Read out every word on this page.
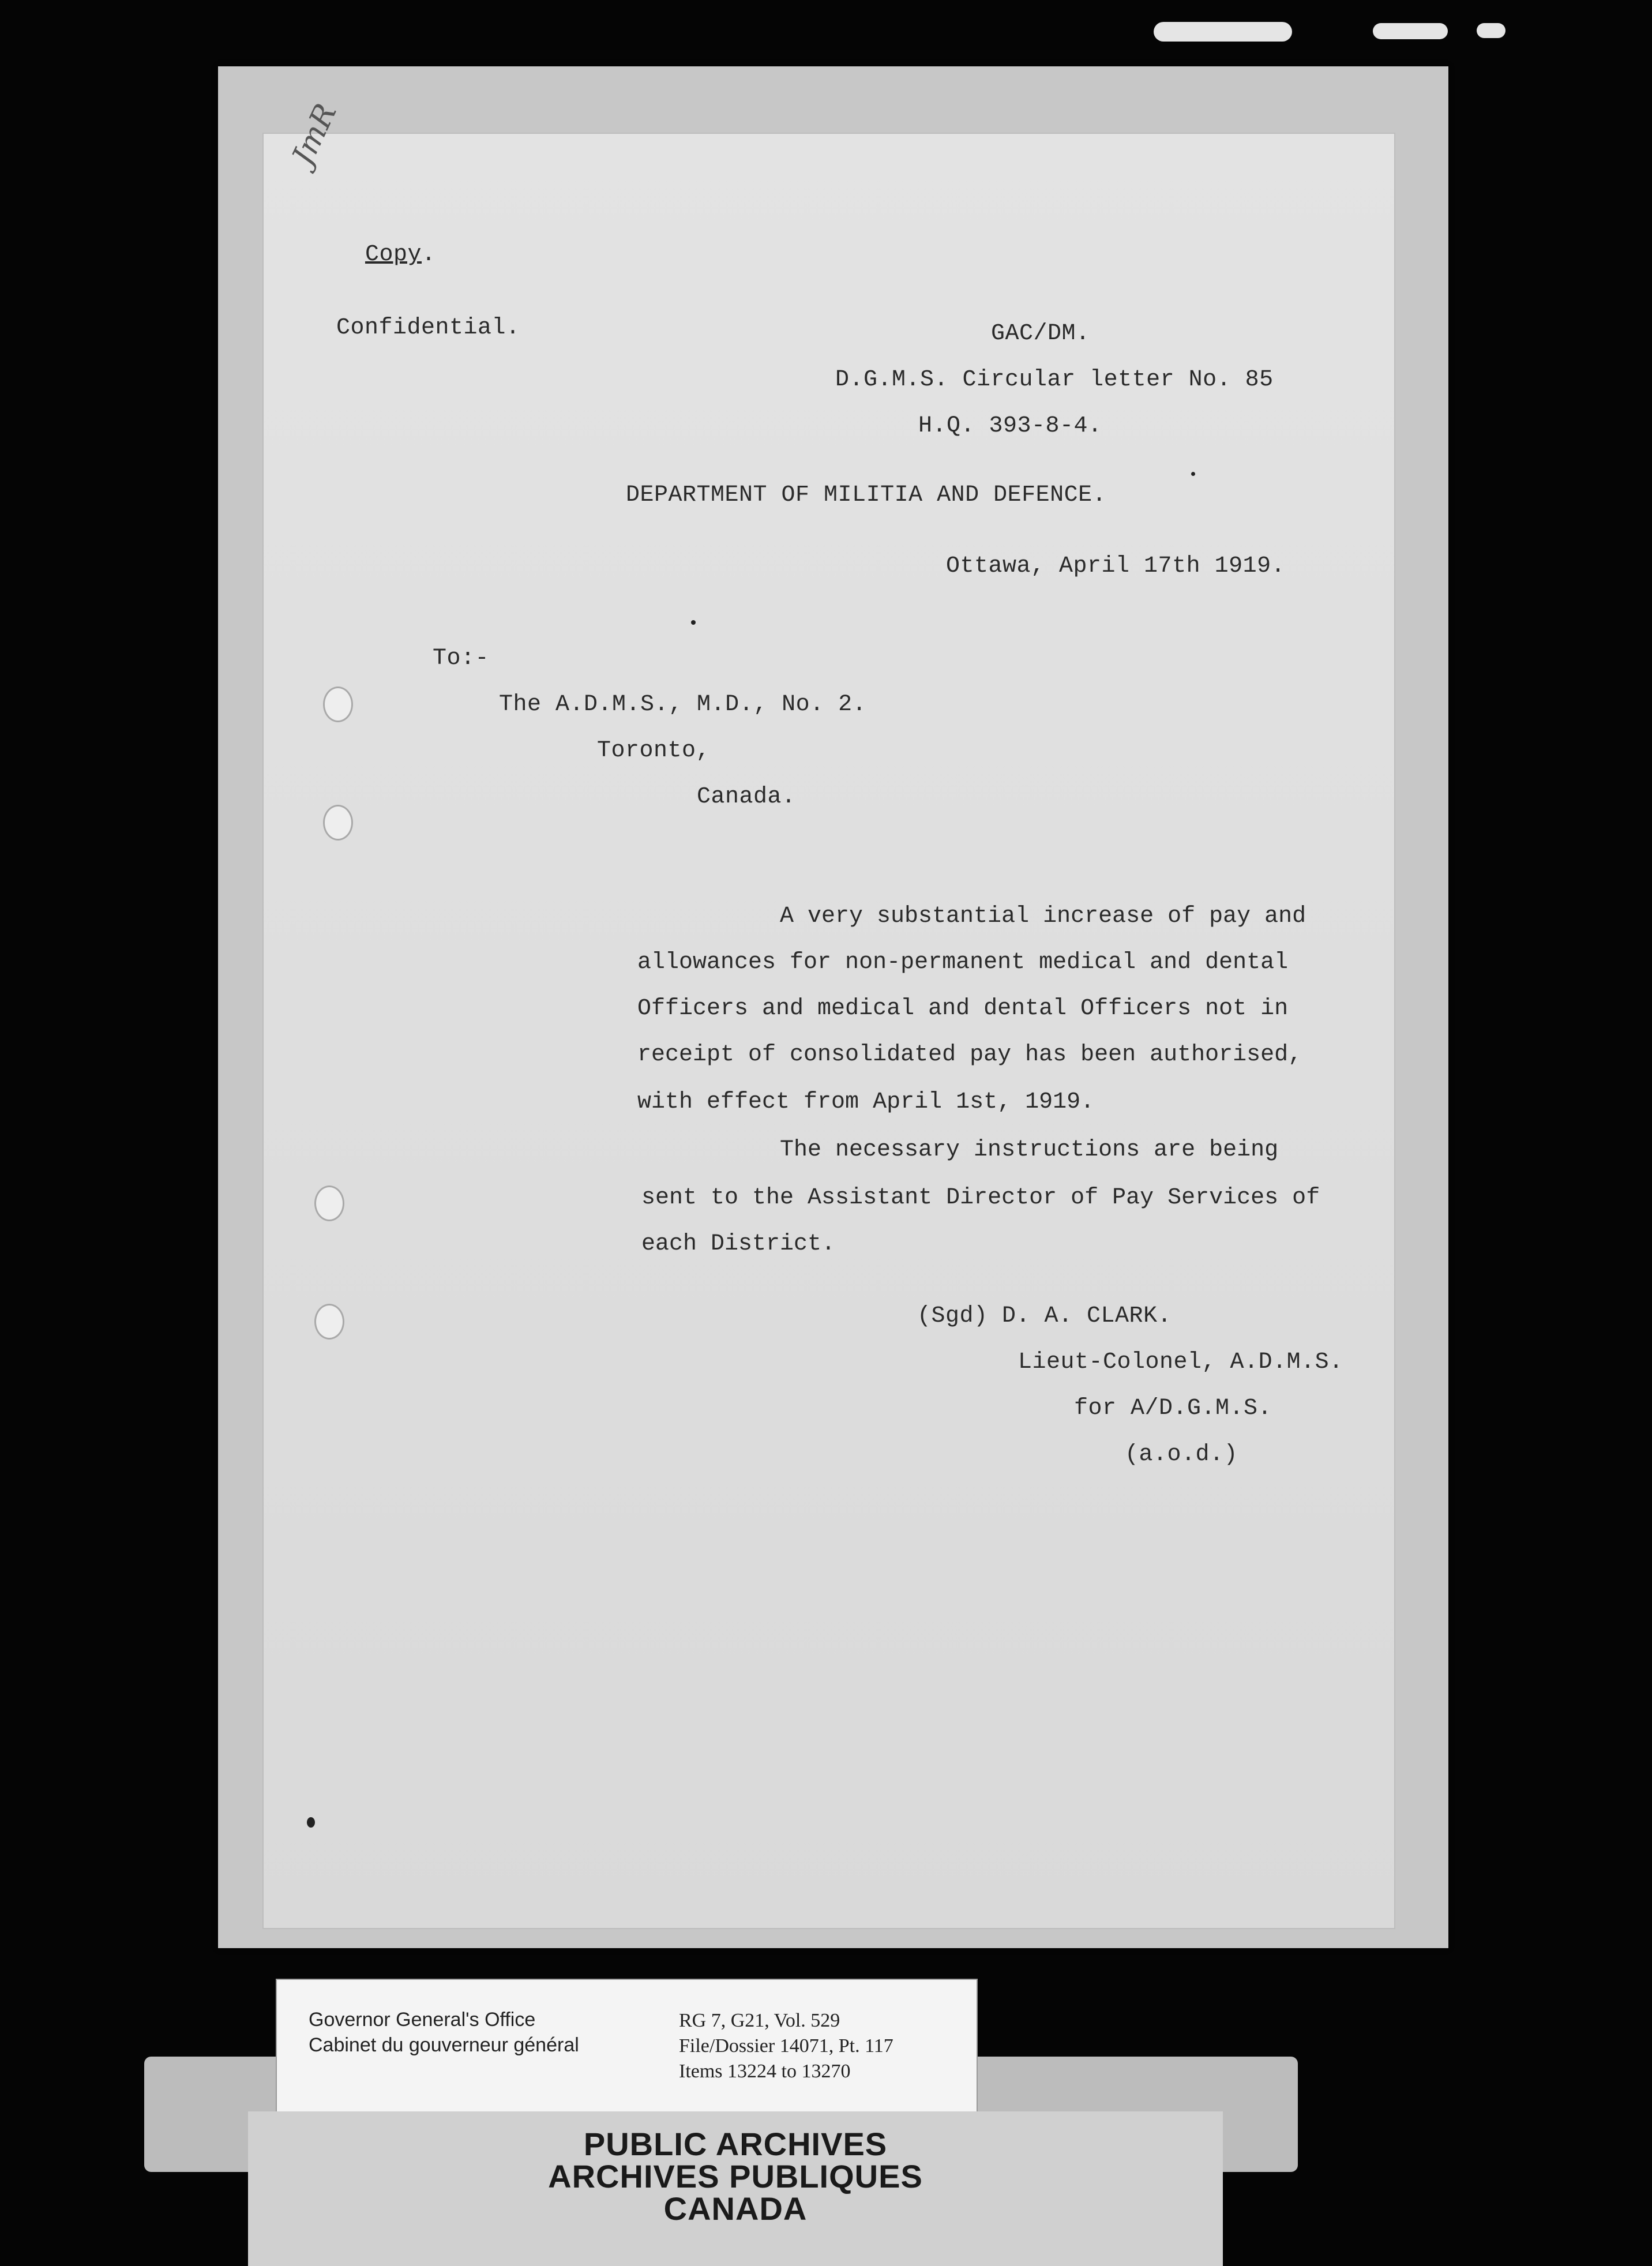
JmR

Copy.

Confidential.	GAC/DM.

D.G.M.S. Circular letter No. 85

H.Q. 393-8-4.

DEPARTMENT OF MILITIA AND DEFENCE.

Ottawa, April 17th 1919.

To:-

The A.D.M.S., M.D., No. 2.

Toronto,

Canada.

A very substantial increase of pay and

allowances for non-permanent medical and dental

Officers and medical and dental Officers not in

receipt of consolidated pay has been authorised,

with effect from April 1st, 1919.

The necessary instructions are being

sent to the Assistant Director of Pay Services of

each District.

(Sgd) D. A. CLARK.

Lieut-Colonel, A.D.M.S.

for A/D.G.M.S.

(a.o.d.)

Governor General's Office

Cabinet du gouverneur général

RG 7, G21, Vol. 529

File/Dossier 14071, Pt. 117

Items 13224 to 13270

PUBLIC ARCHIVES

ARCHIVES PUBLIQUES

CANADA
